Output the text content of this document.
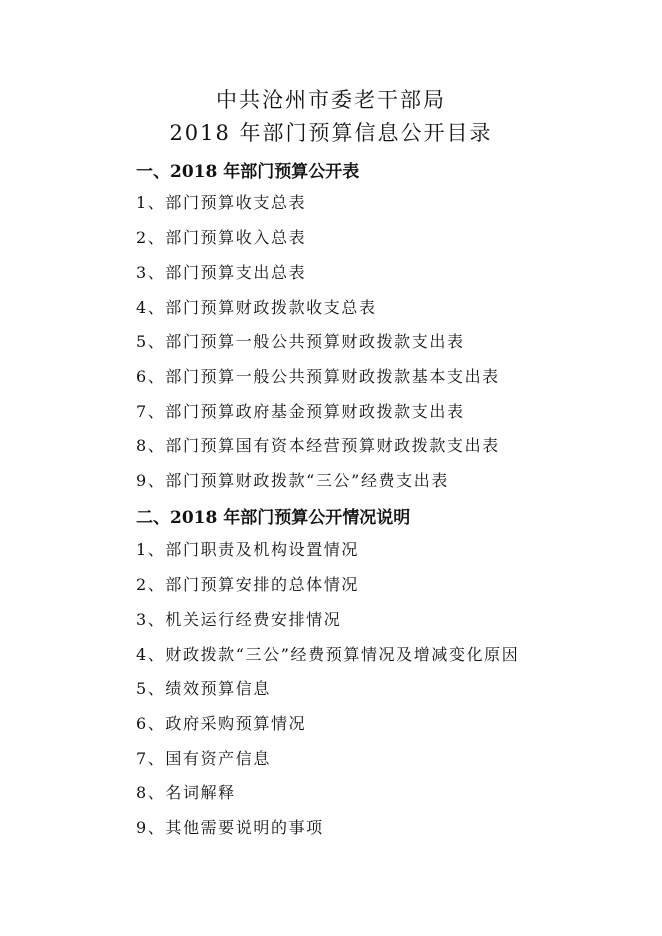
中共沧州市委老干部局
2018 年部门预算信息公开目录
一、2018 年部门预算公开表
1、部门预算收支总表
2、部门预算收入总表
3、部门预算支出总表
4、部门预算财政拨款收支总表
5、部门预算一般公共预算财政拨款支出表
6、部门预算一般公共预算财政拨款基本支出表
7、部门预算政府基金预算财政拨款支出表
8、部门预算国有资本经营预算财政拨款支出表
9、部门预算财政拨款“三公”经费支出表
二、2018 年部门预算公开情况说明
1、部门职责及机构设置情况
2、部门预算安排的总体情况
3、机关运行经费安排情况
4、财政拨款“三公”经费预算情况及增减变化原因
5、绩效预算信息
6、政府采购预算情况
7、国有资产信息
8、名词解释
9、其他需要说明的事项
